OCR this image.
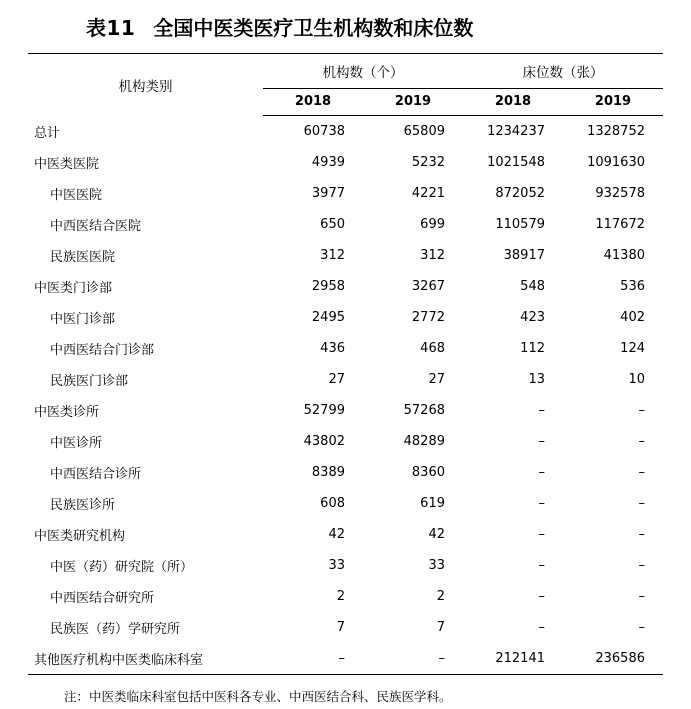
表11 全国中医类医疗卫生机构数和床位数
机构类别	机构数（个）		床位数（张）	
	2018	2019	2018	2019
总计	60738	65809	1234237	1328752
中医类医院	4939	5232	1021548	1091630
中医医院	3977	4221	872052	932578
中西医结合医院	650	699	110579	117672
民族医医院	312	312	38917	41380
中医类门诊部	2958	3267	548	536
中医门诊部	2495	2772	423	402
中西医结合门诊部	436	468	112	124
民族医门诊部	27	27	13	10
中医类诊所	52799	57268	–	–
中医诊所	43802	48289	–	–
中西医结合诊所	8389	8360	–	–
民族医诊所	608	619	–	–
中医类研究机构	42	42	–	–
中医（药）研究院（所）	33	33	–	–
中西医结合研究所	2	2	–	–
民族医（药）学研究所	7	7	–	–
其他医疗机构中医类临床科室	–	–	212141	236586
注：中医类临床科室包括中医科各专业、中西医结合科、民族医学科。
